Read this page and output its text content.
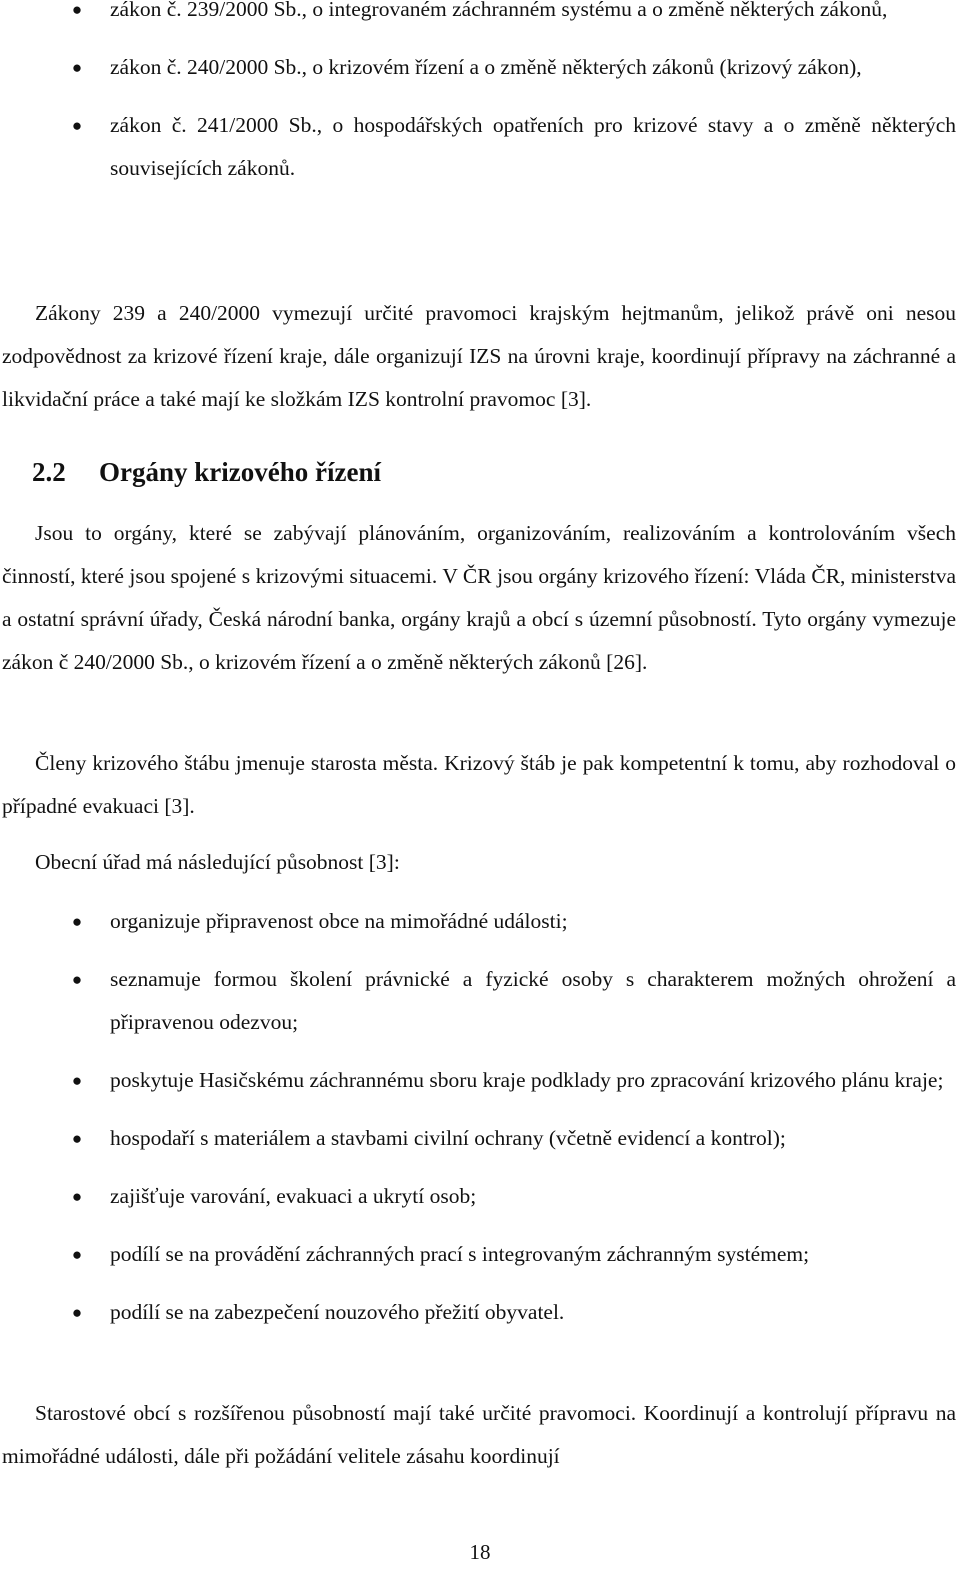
● zákon č. 239/2000 Sb., o integrovaném záchranném systému a o změně některých zákonů,
● zákon č. 240/2000 Sb., o krizovém řízení a o změně některých zákonů (krizový zákon),
● zákon č. 241/2000 Sb., o hospodářských opatřeních pro krizové stavy a o změně některých souvisejících zákonů.

Zákony 239 a 240/2000 vymezují určité pravomoci krajským hejtmanům, jelikož právě oni nesou zodpovědnost za krizové řízení kraje, dále organizují IZS na úrovni kraje, koordinují přípravy na záchranné a likvidační práce a také mají ke složkám IZS kontrolní pravomoc [3].

2.2 Orgány krizového řízení

Jsou to orgány, které se zabývají plánováním, organizováním, realizováním a kontrolováním všech činností, které jsou spojené s krizovými situacemi. V ČR jsou orgány krizového řízení: Vláda ČR, ministerstva a ostatní správní úřady, Česká národní banka, orgány krajů a obcí s územní působností. Tyto orgány vymezuje zákon č 240/2000 Sb., o krizovém řízení a o změně některých zákonů [26].

Členy krizového štábu jmenuje starosta města. Krizový štáb je pak kompetentní k tomu, aby rozhodoval o případné evakuaci [3].

Obecní úřad má následující působnost [3]:

● organizuje připravenost obce na mimořádné události;
● seznamuje formou školení právnické a fyzické osoby s charakterem možných ohrožení a připravenou odezvou;
● poskytuje Hasičskému záchrannému sboru kraje podklady pro zpracování krizového plánu kraje;
● hospodaří s materiálem a stavbami civilní ochrany (včetně evidencí a kontrol);
● zajišťuje varování, evakuaci a ukrytí osob;
● podílí se na provádění záchranných prací s integrovaným záchranným systémem;
● podílí se na zabezpečení nouzového přežití obyvatel.

Starostové obcí s rozšířenou působností mají také určité pravomoci. Koordinují a kontrolují přípravu na mimořádné události, dále při požádání velitele zásahu koordinují

18
